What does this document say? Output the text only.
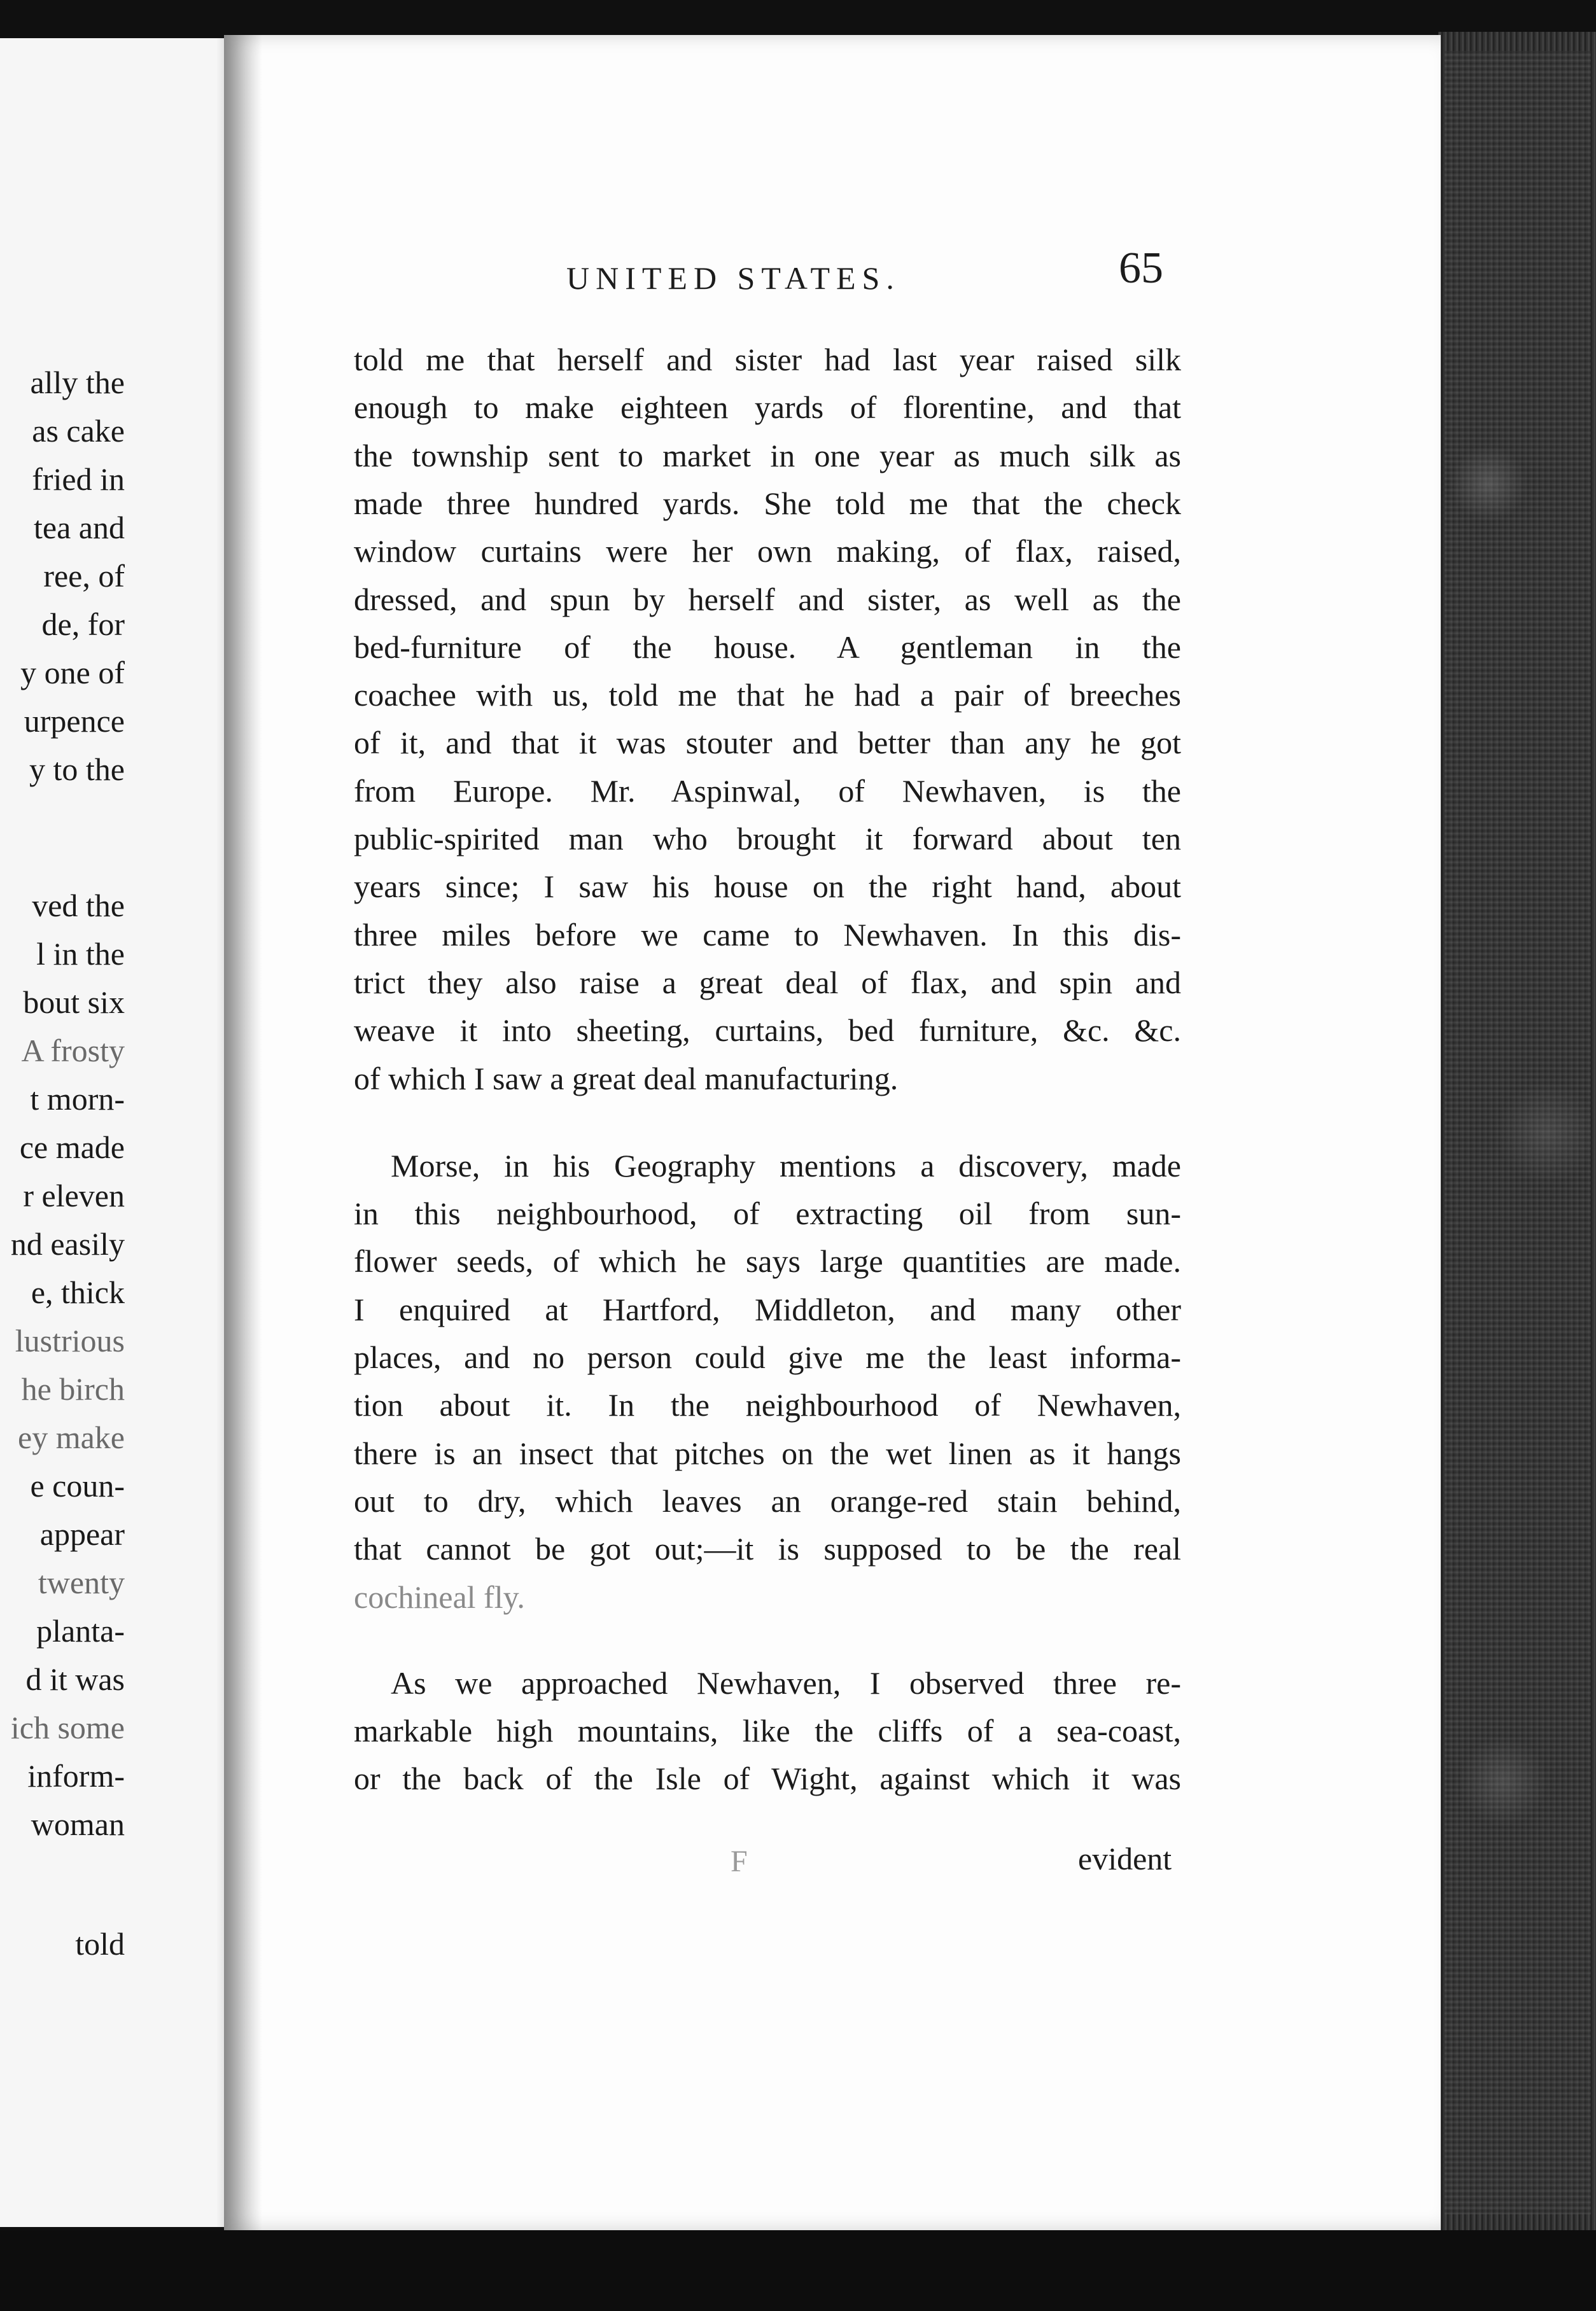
UNITED STATES.	65
ally the
as cake
fried in
tea and
ree, of
de, for
y one of
urpence
y to the
ved the
l in the
bout six
A frosty
t morn-
ce made
r eleven
nd easily
e, thick
lustrious
he birch
ey make
e coun-
appear
twenty
planta-
d it was
ich some
inform-
woman
told
told me that herself and sister had last year raised silk
enough to make eighteen yards of florentine, and that
the township sent to market in one year as much silk as
made three hundred yards. She told me that the check
window curtains were her own making, of flax, raised,
dressed, and spun by herself and sister, as well as the
bed-furniture of the house. A gentleman in the
coachee with us, told me that he had a pair of breeches
of it, and that it was stouter and better than any he got
from Europe. Mr. Aspinwal, of Newhaven, is the
public-spirited man who brought it forward about ten
years since; I saw his house on the right hand, about
three miles before we came to Newhaven. In this dis-
trict they also raise a great deal of flax, and spin and
weave it into sheeting, curtains, bed furniture, &c. &c.
of which I saw a great deal manufacturing.
Morse, in his Geography mentions a discovery, made
in this neighbourhood, of extracting oil from sun-
flower seeds, of which he says large quantities are made.
I enquired at Hartford, Middleton, and many other
places, and no person could give me the least informa-
tion about it. In the neighbourhood of Newhaven,
there is an insect that pitches on the wet linen as it hangs
out to dry, which leaves an orange-red stain behind,
that cannot be got out;—it is supposed to be the real
cochineal fly.
As we approached Newhaven, I observed three re-
markable high mountains, like the cliffs of a sea-coast,
or the back of the Isle of Wight, against which it was
F	evident
